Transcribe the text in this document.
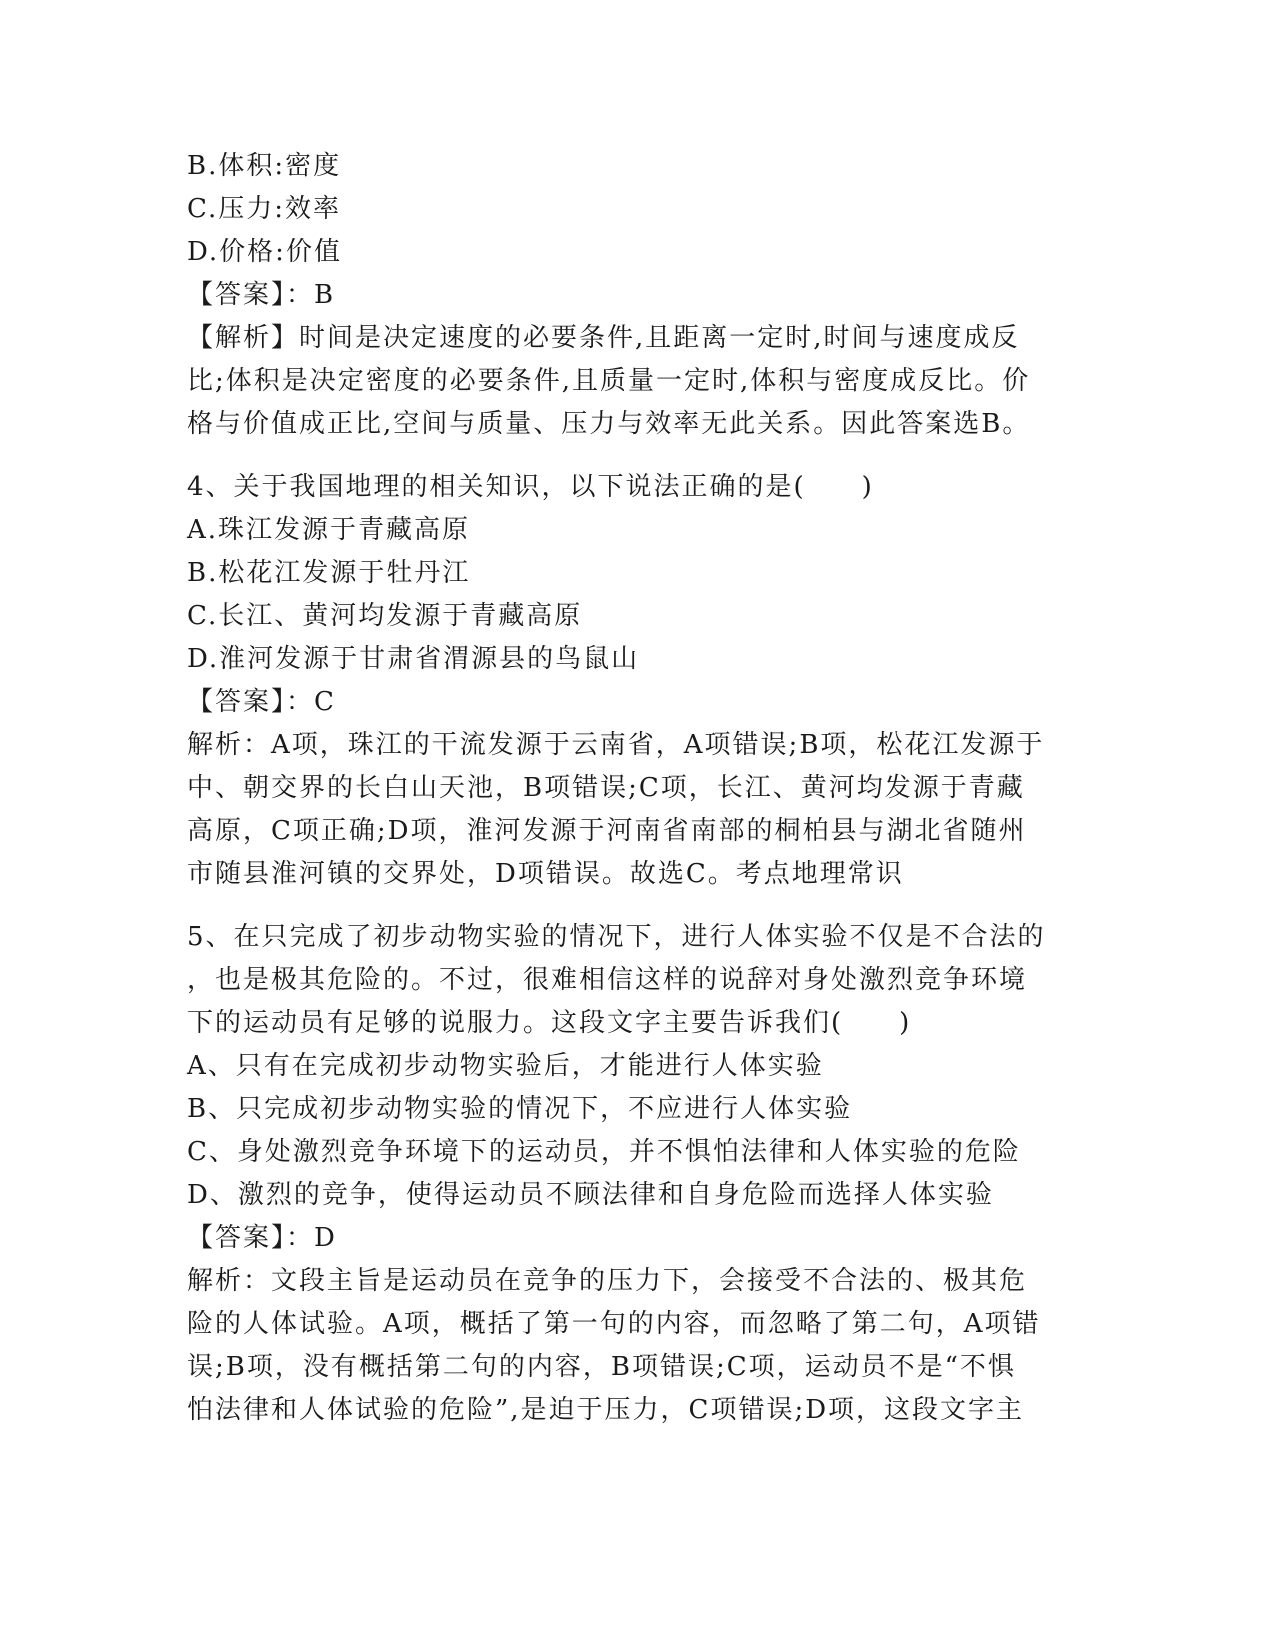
B.体积:密度
C.压力:效率
D.价格:价值
【答案】：B
【解析】时间是决定速度的必要条件,且距离一定时,时间与速度成反
比;体积是决定密度的必要条件,且质量一定时,体积与密度成反比。价
格与价值成正比,空间与质量、压力与效率无此关系。因此答案选B。
4、关于我国地理的相关知识，以下说法正确的是(　　)
A.珠江发源于青藏高原
B.松花江发源于牡丹江
C.长江、黄河均发源于青藏高原
D.淮河发源于甘肃省渭源县的鸟鼠山
【答案】：C
解析：A项，珠江的干流发源于云南省，A项错误;B项，松花江发源于
中、朝交界的长白山天池，B项错误;C项，长江、黄河均发源于青藏
高原，C项正确;D项，淮河发源于河南省南部的桐柏县与湖北省随州
市随县淮河镇的交界处，D项错误。故选C。考点地理常识
5、在只完成了初步动物实验的情况下，进行人体实验不仅是不合法的
，也是极其危险的。不过，很难相信这样的说辞对身处激烈竞争环境
下的运动员有足够的说服力。这段文字主要告诉我们(　　)
A、只有在完成初步动物实验后，才能进行人体实验
B、只完成初步动物实验的情况下，不应进行人体实验
C、身处激烈竞争环境下的运动员，并不惧怕法律和人体实验的危险
D、激烈的竞争，使得运动员不顾法律和自身危险而选择人体实验
【答案】：D
解析：文段主旨是运动员在竞争的压力下，会接受不合法的、极其危
险的人体试验。A项，概括了第一句的内容，而忽略了第二句，A项错
误;B项，没有概括第二句的内容，B项错误;C项，运动员不是“不惧
怕法律和人体试验的危险”,是迫于压力，C项错误;D项，这段文字主
